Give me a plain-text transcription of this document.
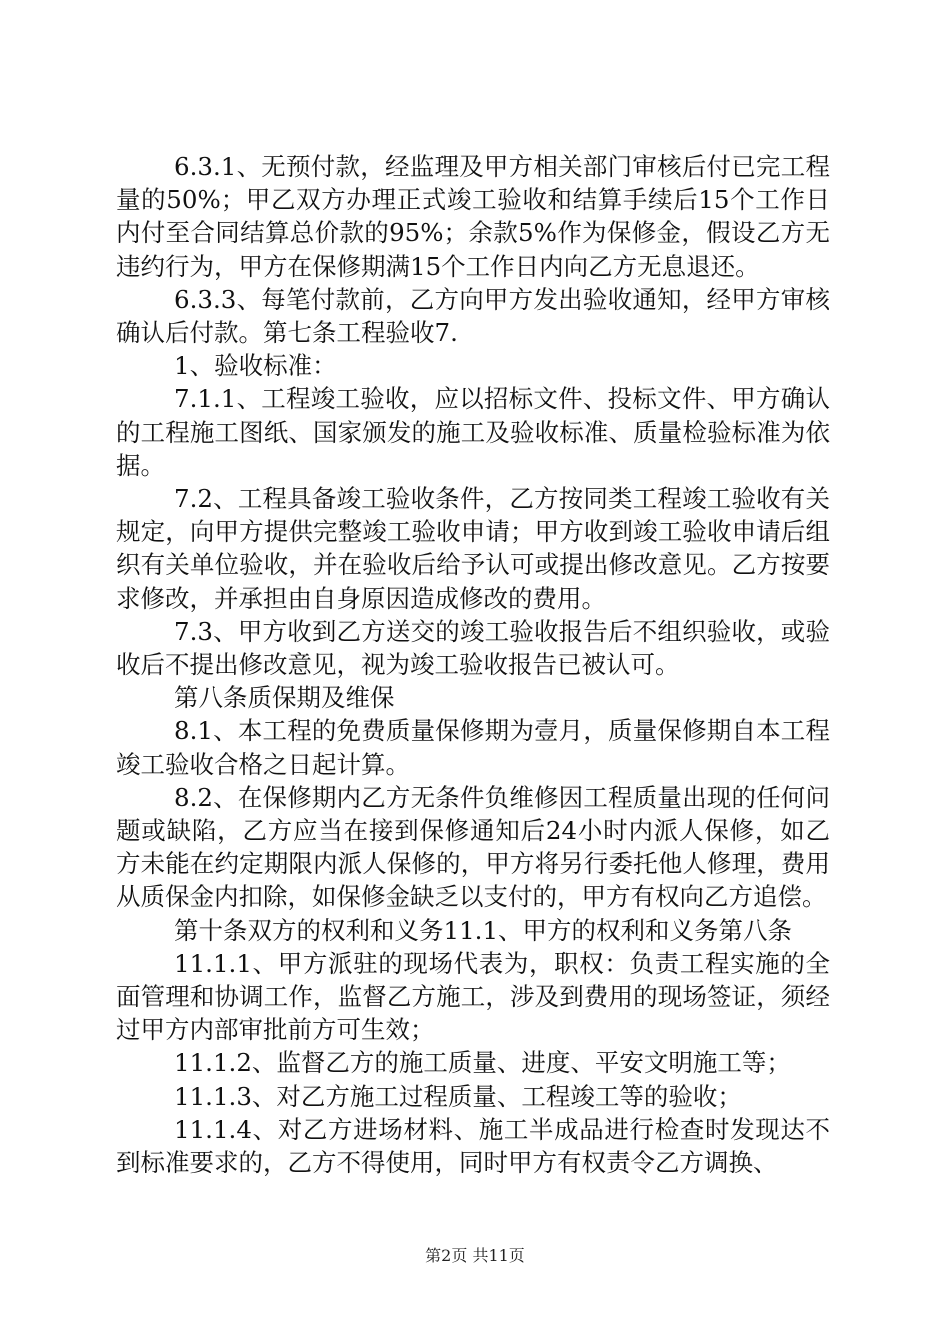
6.3.1、无预付款，经监理及甲方相关部门审核后付已完工程量的50%；甲乙双方办理正式竣工验收和结算手续后15个工作日内付至合同结算总价款的95%；余款5%作为保修金，假设乙方无违约行为，甲方在保修期满15个工作日内向乙方无息退还。

6.3.3、每笔付款前，乙方向甲方发出验收通知，经甲方审核确认后付款。第七条工程验收7.

1、验收标准：

7.1.1、工程竣工验收，应以招标文件、投标文件、甲方确认的工程施工图纸、国家颁发的施工及验收标准、质量检验标准为依据。

7.2、工程具备竣工验收条件，乙方按同类工程竣工验收有关规定，向甲方提供完整竣工验收申请；甲方收到竣工验收申请后组织有关单位验收，并在验收后给予认可或提出修改意见。乙方按要求修改，并承担由自身原因造成修改的费用。

7.3、甲方收到乙方送交的竣工验收报告后不组织验收，或验收后不提出修改意见，视为竣工验收报告已被认可。

第八条质保期及维保

8.1、本工程的免费质量保修期为壹月，质量保修期自本工程竣工验收合格之日起计算。

8.2、在保修期内乙方无条件负维修因工程质量出现的任何问题或缺陷，乙方应当在接到保修通知后24小时内派人保修，如乙方未能在约定期限内派人保修的，甲方将另行委托他人修理，费用从质保金内扣除，如保修金缺乏以支付的，甲方有权向乙方追偿。

第十条双方的权利和义务11.1、甲方的权利和义务第八条

11.1.1、甲方派驻的现场代表为，职权：负责工程实施的全面管理和协调工作，监督乙方施工，涉及到费用的现场签证，须经过甲方内部审批前方可生效；

11.1.2、监督乙方的施工质量、进度、平安文明施工等；

11.1.3、对乙方施工过程质量、工程竣工等的验收；

11.1.4、对乙方进场材料、施工半成品进行检查时发现达不到标准要求的，乙方不得使用，同时甲方有权责令乙方调换、

第2页 共11页
